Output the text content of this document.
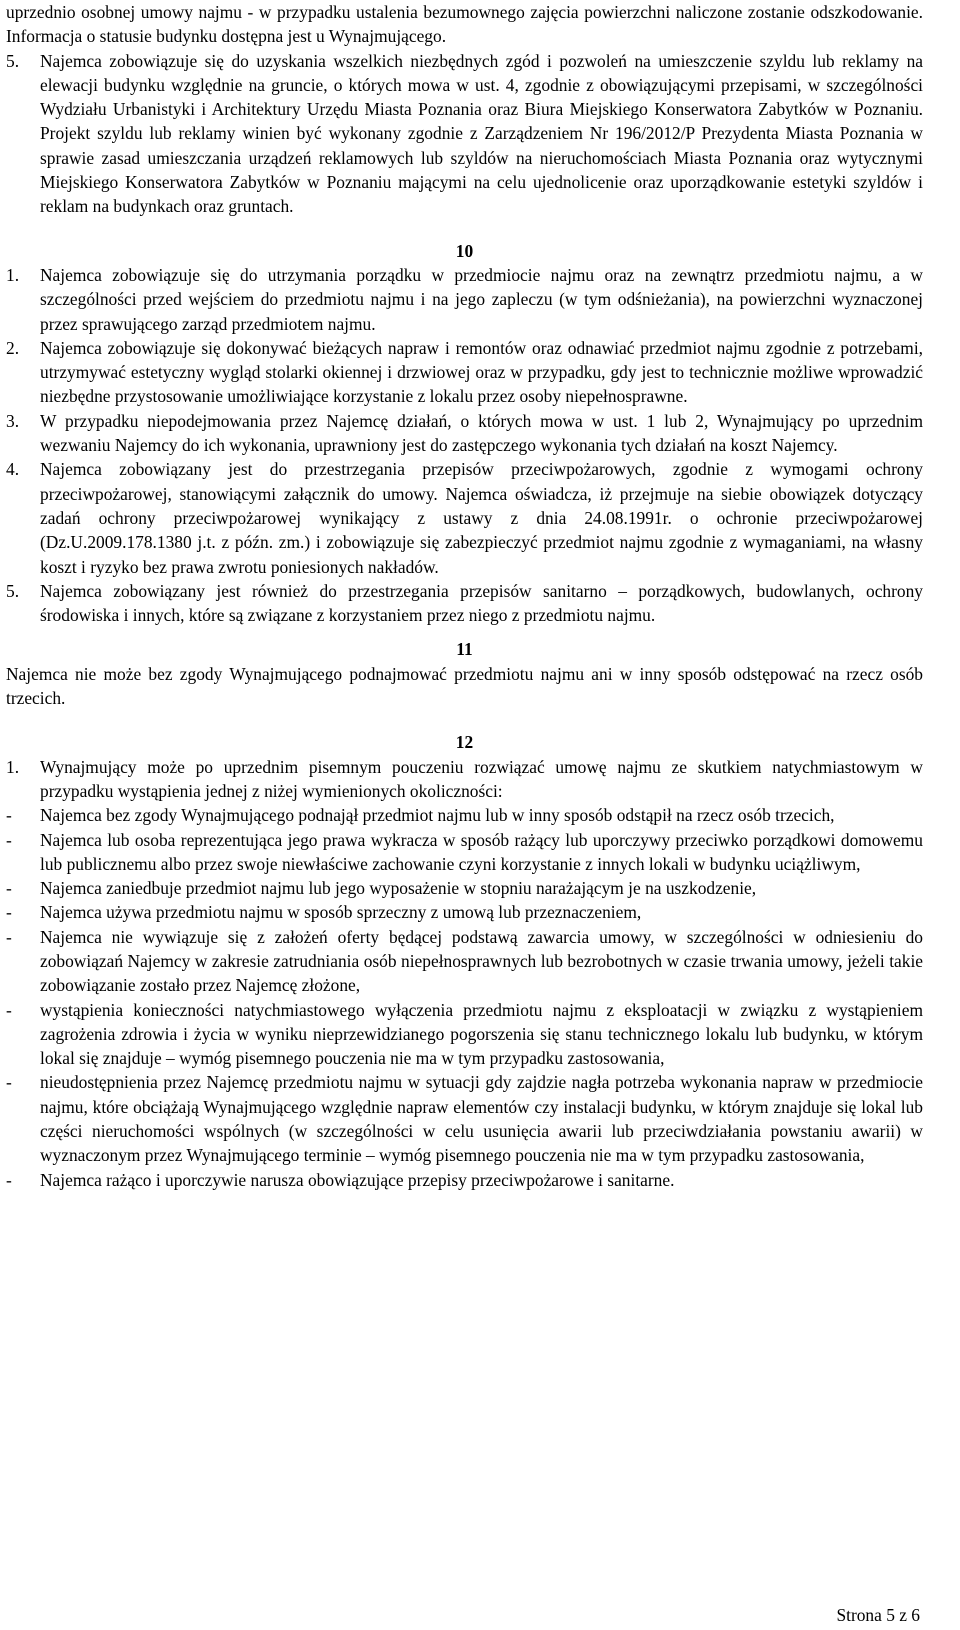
uprzednio osobnej umowy najmu - w przypadku ustalenia bezumownego zajęcia powierzchni naliczone zostanie odszkodowanie. Informacja o statusie budynku dostępna jest u Wynajmującego.

5.	Najemca zobowiązuje się do uzyskania wszelkich niezbędnych zgód i pozwoleń na umieszczenie szyldu lub reklamy na elewacji budynku względnie na gruncie, o których mowa w ust. 4, zgodnie z obowiązującymi przepisami, w szczególności Wydziału Urbanistyki i Architektury Urzędu Miasta Poznania oraz Biura Miejskiego Konserwatora Zabytków w Poznaniu. Projekt szyldu lub reklamy winien być wykonany zgodnie z Zarządzeniem Nr 196/2012/P Prezydenta Miasta Poznania w sprawie zasad umieszczania urządzeń reklamowych lub szyldów na nieruchomościach Miasta Poznania oraz wytycznymi Miejskiego Konserwatora Zabytków w Poznaniu mającymi na celu ujednolicenie oraz uporządkowanie estetyki szyldów i reklam na budynkach oraz gruntach.

10

1.	Najemca zobowiązuje się do utrzymania porządku w przedmiocie najmu oraz na zewnątrz przedmiotu najmu, a w szczególności przed wejściem do przedmiotu najmu i na jego zapleczu (w tym odśnieżania), na powierzchni wyznaczonej przez sprawującego zarząd przedmiotem najmu.
2.	Najemca zobowiązuje się dokonywać bieżących napraw i remontów oraz odnawiać przedmiot najmu zgodnie z potrzebami, utrzymywać estetyczny wygląd stolarki okiennej i drzwiowej oraz w przypadku, gdy jest to technicznie możliwe wprowadzić niezbędne przystosowanie umożliwiające korzystanie z lokalu przez osoby niepełnosprawne.
3.	W przypadku niepodejmowania przez Najemcę działań, o których mowa w ust. 1 lub 2, Wynajmujący po uprzednim wezwaniu Najemcy do ich wykonania, uprawniony jest do zastępczego wykonania tych działań na koszt Najemcy.
4.	Najemca zobowiązany jest do przestrzegania przepisów przeciwpożarowych, zgodnie z wymogami ochrony przeciwpożarowej, stanowiącymi załącznik do umowy. Najemca oświadcza, iż przejmuje na siebie obowiązek dotyczący zadań ochrony przeciwpożarowej wynikający z ustawy z dnia 24.08.1991r. o ochronie przeciwpożarowej (Dz.U.2009.178.1380 j.t. z późn. zm.) i zobowiązuje się zabezpieczyć przedmiot najmu zgodnie z wymaganiami, na własny koszt i ryzyko bez prawa zwrotu poniesionych nakładów.
5.	Najemca zobowiązany jest również do przestrzegania przepisów sanitarno – porządkowych, budowlanych, ochrony środowiska i innych, które są związane z korzystaniem przez niego z przedmiotu najmu.

11

Najemca nie może bez zgody Wynajmującego podnajmować przedmiotu najmu ani w inny sposób odstępować na rzecz osób trzecich.

12

1.	Wynajmujący może po uprzednim pisemnym pouczeniu rozwiązać umowę najmu ze skutkiem natychmiastowym w przypadku wystąpienia jednej z niżej wymienionych okoliczności:
-	Najemca bez zgody Wynajmującego podnajął przedmiot najmu lub w inny sposób odstąpił na rzecz osób trzecich,
-	Najemca lub osoba reprezentująca jego prawa wykracza w sposób rażący lub uporczywy przeciwko porządkowi domowemu lub publicznemu albo przez swoje niewłaściwe zachowanie czyni korzystanie z innych lokali w budynku uciążliwym,
-	Najemca zaniedbuje przedmiot najmu lub jego wyposażenie w stopniu narażającym je na uszkodzenie,
-	Najemca używa przedmiotu najmu w sposób sprzeczny z umową lub przeznaczeniem,
-	Najemca nie wywiązuje się z założeń oferty będącej podstawą zawarcia umowy, w szczególności w odniesieniu do zobowiązań Najemcy w zakresie zatrudniania osób niepełnosprawnych lub bezrobotnych w czasie trwania umowy, jeżeli takie zobowiązanie zostało przez Najemcę złożone,
-	wystąpienia konieczności natychmiastowego wyłączenia przedmiotu najmu z eksploatacji w związku z wystąpieniem zagrożenia zdrowia i życia w wyniku nieprzewidzianego pogorszenia się stanu technicznego lokalu lub budynku, w którym lokal się znajduje – wymóg pisemnego pouczenia nie ma w tym przypadku zastosowania,
-	nieudostępnienia przez Najemcę przedmiotu najmu w sytuacji gdy zajdzie nagła potrzeba wykonania napraw w przedmiocie najmu, które obciążają Wynajmującego względnie napraw elementów czy instalacji budynku, w którym znajduje się lokal lub części nieruchomości wspólnych (w szczególności w celu usunięcia awarii lub przeciwdziałania powstaniu awarii) w wyznaczonym przez Wynajmującego terminie – wymóg pisemnego pouczenia nie ma w tym przypadku zastosowania,
-	Najemca rażąco i uporczywie narusza obowiązujące przepisy przeciwpożarowe i sanitarne.
Strona 5 z 6
